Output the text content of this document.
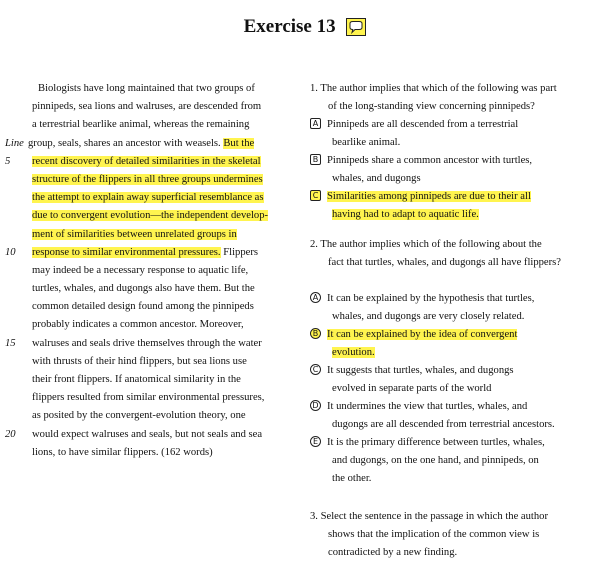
Exercise 13
Biologists have long maintained that two groups of
pinnipeds, sea lions and walruses, are descended from
a terrestrial bearlike animal, whereas the remaining
Line group, seals, shares an ancestor with weasels. But the
5 recent discovery of detailed similarities in the skeletal
structure of the flippers in all three groups undermines
the attempt to explain away superficial resemblance as
due to convergent evolution—the independent develop-
ment of similarities between unrelated groups in
10 response to similar environmental pressures. Flippers
may indeed be a necessary response to aquatic life,
turtles, whales, and dugongs also have them. But the
common detailed design found among the pinnipeds
probably indicates a common ancestor. Moreover,
15 walruses and seals drive themselves through the water
with thrusts of their hind flippers, but sea lions use
their front flippers. If anatomical similarity in the
flippers resulted from similar environmental pressures,
as posited by the convergent-evolution theory, one
20 would expect walruses and seals, but not seals and sea
lions, to have similar flippers. (162 words)
1. The author implies that which of the following was part
of the long-standing view concerning pinnipeds?
A Pinnipeds are all descended from a terrestrial
bearlike animal.
B Pinnipeds share a common ancestor with turtles,
whales, and dugongs
C Similarities among pinnipeds are due to their all
having had to adapt to aquatic life.
2. The author implies which of the following about the
fact that turtles, whales, and dugongs all have flippers?
A It can be explained by the hypothesis that turtles,
whales, and dugongs are very closely related.
B It can be explained by the idea of convergent
evolution.
C It suggests that turtles, whales, and dugongs
evolved in separate parts of the world
D It undermines the view that turtles, whales, and
dugongs are all descended from terrestrial ancestors.
E It is the primary difference between turtles, whales,
and dugongs, on the one hand, and pinnipeds, on
the other.
3. Select the sentence in the passage in which the author
shows that the implication of the common view is
contradicted by a new finding.
